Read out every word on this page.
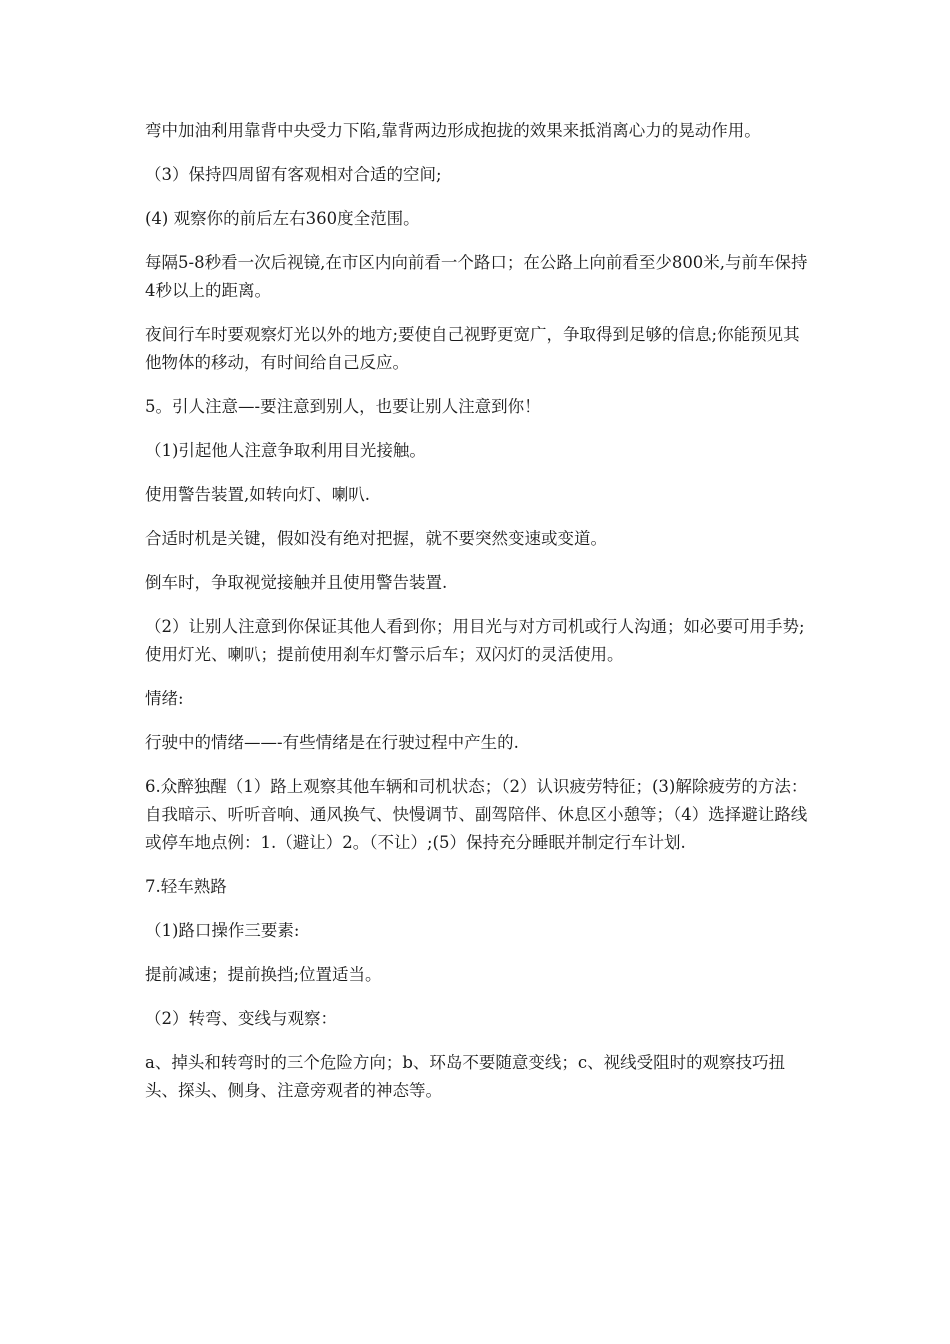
弯中加油利用靠背中央受力下陷,靠背两边形成抱拢的效果来抵消离心力的晃动作用。

（3）保持四周留有客观相对合适的空间;

(4) 观察你的前后左右360度全范围。

每隔5-8秒看一次后视镜,在市区内向前看一个路口；在公路上向前看至少800米,与前车保持4秒以上的距离。

夜间行车时要观察灯光以外的地方;要使自己视野更宽广，争取得到足够的信息;你能预见其他物体的移动，有时间给自己反应。

5。引人注意—-要注意到别人，也要让别人注意到你！

（1)引起他人注意争取利用目光接触。

使用警告装置,如转向灯、喇叭.

合适时机是关键，假如没有绝对把握，就不要突然变速或变道。

倒车时，争取视觉接触并且使用警告装置.

（2）让别人注意到你保证其他人看到你；用目光与对方司机或行人沟通；如必要可用手势;使用灯光、喇叭；提前使用刹车灯警示后车；双闪灯的灵活使用。

情绪:

行驶中的情绪——-有些情绪是在行驶过程中产生的.

6.众醉独醒（1）路上观察其他车辆和司机状态；（2）认识疲劳特征；(3)解除疲劳的方法：自我暗示、听听音响、通风换气、快慢调节、副驾陪伴、休息区小憩等；（4）选择避让路线或停车地点例：1.（避让）2。（不让）;(5）保持充分睡眠并制定行车计划.

7.轻车熟路

（1)路口操作三要素:

提前减速；提前换挡;位置适当。

（2）转弯、变线与观察：

a、掉头和转弯时的三个危险方向；b、环岛不要随意变线；c、视线受阻时的观察技巧扭头、探头、侧身、注意旁观者的神态等。
